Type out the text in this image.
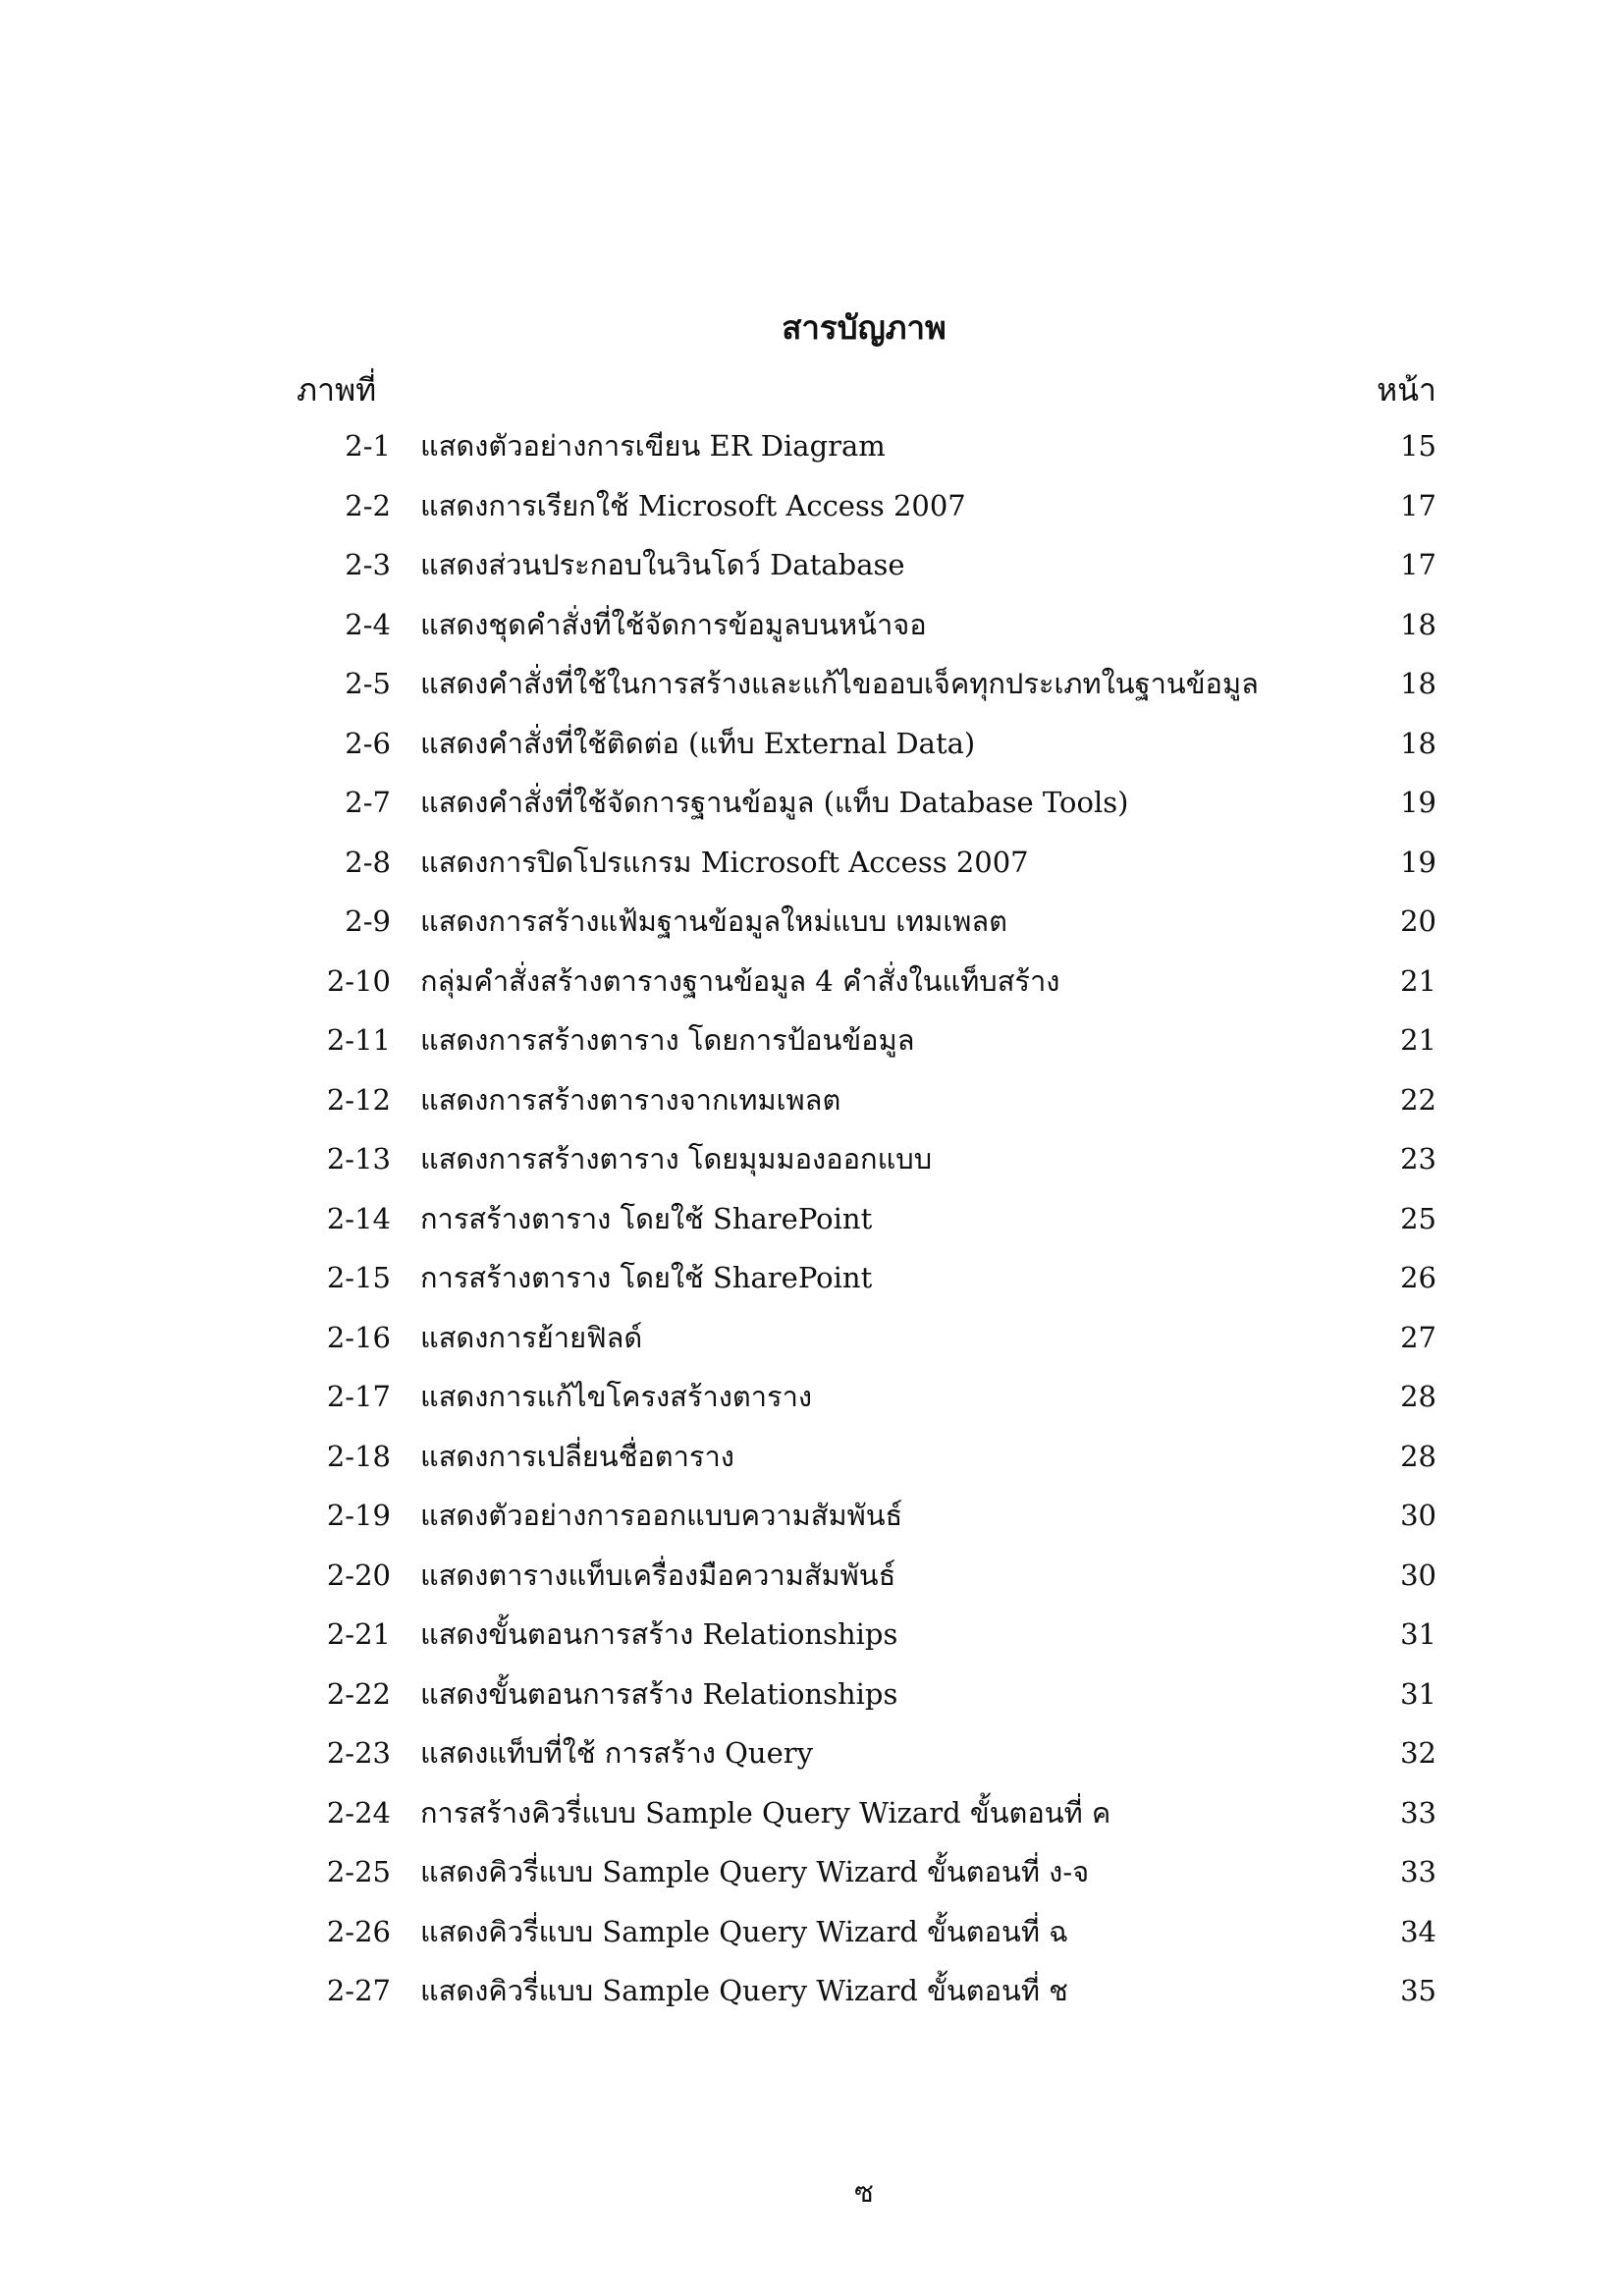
สารบัญภาพ
ภาพที่	หน้า
2-1 แสดงตัวอย่างการเขียน ER Diagram	15
2-2 แสดงการเรียกใช้ Microsoft Access 2007	17
2-3 แสดงส่วนประกอบในวินโดว์ Database	17
2-4 แสดงชุดคำสั่งที่ใช้จัดการข้อมูลบนหน้าจอ	18
2-5 แสดงคำสั่งที่ใช้ในการสร้างและแก้ไขออบเจ็คทุกประเภทในฐานข้อมูล	18
2-6 แสดงคำสั่งที่ใช้ติดต่อ (แท็บ External Data)	18
2-7 แสดงคำสั่งที่ใช้จัดการฐานข้อมูล (แท็บ Database Tools)	19
2-8 แสดงการปิดโปรแกรม Microsoft Access 2007	19
2-9 แสดงการสร้างแฟ้มฐานข้อมูลใหม่แบบ เทมเพลต	20
2-10 กลุ่มคำสั่งสร้างตารางฐานข้อมูล 4 คำสั่งในแท็บสร้าง	21
2-11 แสดงการสร้างตาราง โดยการป้อนข้อมูล	21
2-12 แสดงการสร้างตารางจากเทมเพลต	22
2-13 แสดงการสร้างตาราง โดยมุมมองออกแบบ	23
2-14 การสร้างตาราง โดยใช้ SharePoint	25
2-15 การสร้างตาราง โดยใช้ SharePoint	26
2-16 แสดงการย้ายฟิลด์	27
2-17 แสดงการแก้ไขโครงสร้างตาราง	28
2-18 แสดงการเปลี่ยนชื่อตาราง	28
2-19 แสดงตัวอย่างการออกแบบความสัมพันธ์	30
2-20 แสดงตารางแท็บเครื่องมือความสัมพันธ์	30
2-21 แสดงขั้นตอนการสร้าง Relationships	31
2-22 แสดงขั้นตอนการสร้าง Relationships	31
2-23 แสดงแท็บที่ใช้ การสร้าง Query	32
2-24 การสร้างคิวรี่แบบ Sample Query Wizard ขั้นตอนที่ ค	33
2-25 แสดงคิวรี่แบบ Sample Query Wizard ขั้นตอนที่ ง-จ	33
2-26 แสดงคิวรี่แบบ Sample Query Wizard ขั้นตอนที่ ฉ	34
2-27 แสดงคิวรี่แบบ Sample Query Wizard ขั้นตอนที่ ช	35
ซ
